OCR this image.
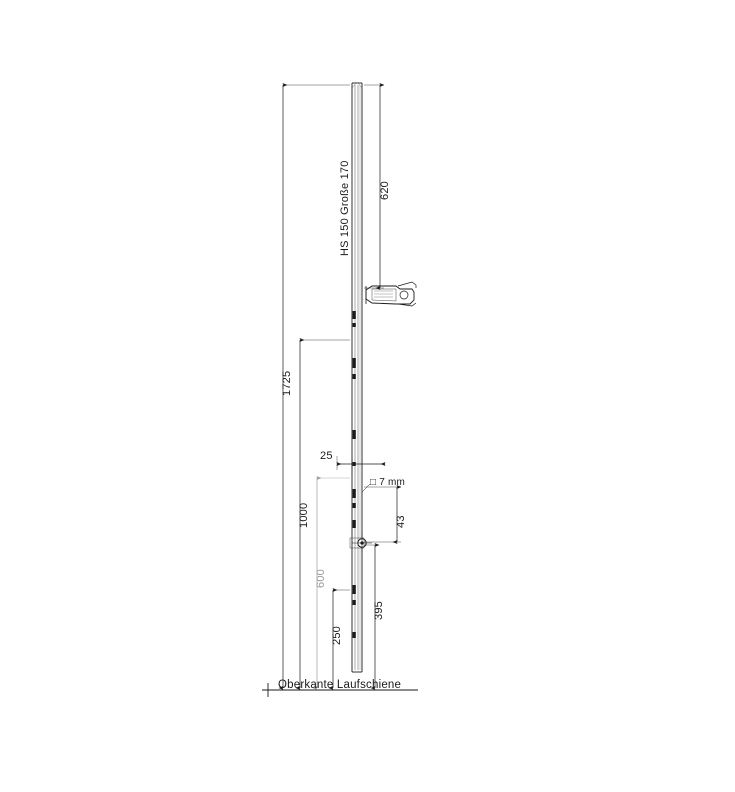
HS 150 Große 170	620
1725
1000
600
250
395
43
25
□ 7 mm
Oberkante Laufschiene
